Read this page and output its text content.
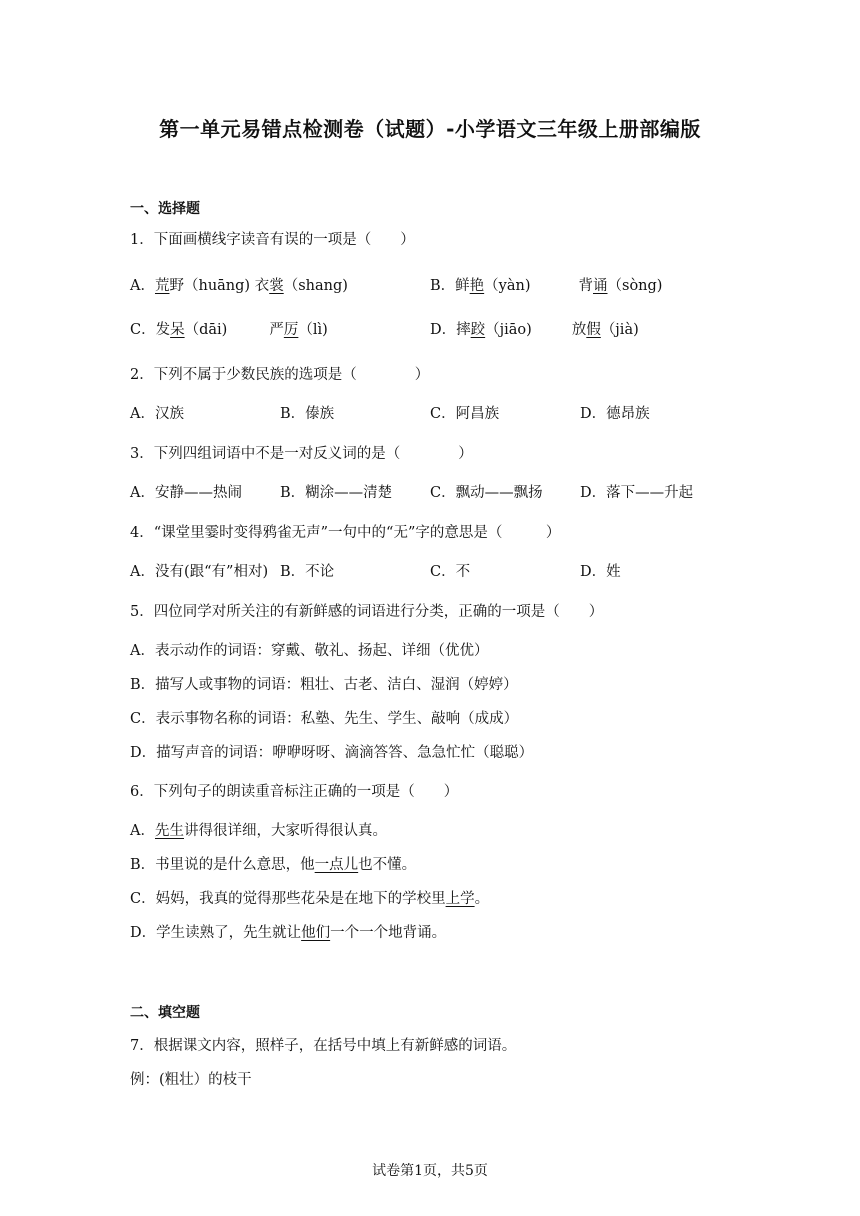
第一单元易错点检测卷（试题）-小学语文三年级上册部编版
一、选择题
1．下面画横线字读音有误的一项是（　　）
A．荒野（huāng) 衣裳（shang)	B．鲜艳（yàn)	背诵（sòng)
C．发呆（dāi)	严厉（lì)	D．摔跤（jiāo)	放假（jià)
2．下列不属于少数民族的选项是（　　　　）
A．汉族	B．傣族	C．阿昌族	D．德昂族
3．下列四组词语中不是一对反义词的是（　　　　）
A．安静——热闹	B．糊涂——清楚	C．飘动——飘扬	D．落下——升起
4．“课堂里霎时变得鸦雀无声”一句中的“无”字的意思是（　　　）
A．没有(跟“有”相对) B．不论	C．不	D．姓
5．四位同学对所关注的有新鲜感的词语进行分类，正确的一项是（　　）
A．表示动作的词语：穿戴、敬礼、扬起、详细（优优）
B．描写人或事物的词语：粗壮、古老、洁白、湿润（婷婷）
C．表示事物名称的词语：私塾、先生、学生、敲响（成成）
D．描写声音的词语：咿咿呀呀、滴滴答答、急急忙忙（聪聪）
6．下列句子的朗读重音标注正确的一项是（　　）
A．先生讲得很详细，大家听得很认真。
B．书里说的是什么意思，他一点儿也不懂。
C．妈妈，我真的觉得那些花朵是在地下的学校里上学。
D．学生读熟了，先生就让他们一个一个地背诵。
二、填空题
7．根据课文内容，照样子，在括号中填上有新鲜感的词语。
例：(粗壮）的枝干
试卷第1页，共5页
